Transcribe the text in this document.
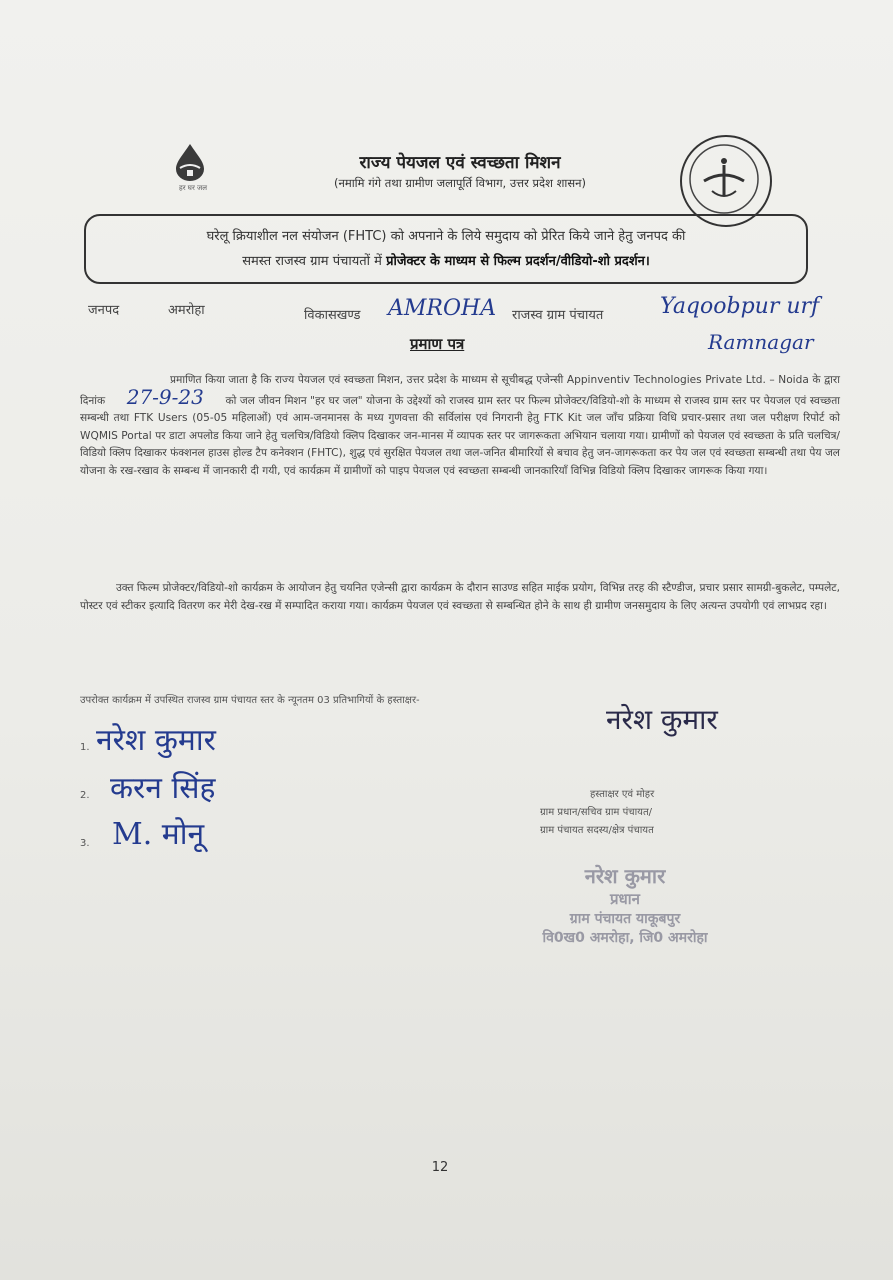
हर घर जल
राज्य पेयजल एवं स्वच्छता मिशन
(नमामि गंगे तथा ग्रामीण जलापूर्ति विभाग, उत्तर प्रदेश शासन)
घरेलू क्रियाशील नल संयोजन (FHTC) को अपनाने के लिये समुदाय को प्रेरित किये जाने हेतु जनपद की
समस्त राजस्व ग्राम पंचायतों में प्रोजेक्टर के माध्यम से फिल्म प्रदर्शन/वीडियो-शो प्रदर्शन।
जनपद	अमरोहा	विकासखण्ड AMROHA राजस्व ग्राम पंचायत	Yaqoobpur urf
Ramnagar
प्रमाण पत्र
प्रमाणित किया जाता है कि राज्य पेयजल एवं स्वच्छता मिशन, उत्तर प्रदेश के माध्यम से सूचीबद्ध एजेन्सी Appinventiv Technologies Private Ltd. – Noida के द्वारा दिनांक 27-9-23 को जल जीवन मिशन "हर घर जल" योजना के उद्देश्यों को राजस्व ग्राम स्तर पर फिल्म प्रोजेक्टर/विडियो-शो के माध्यम से राजस्व ग्राम स्तर पर पेयजल एवं स्वच्छता सम्बन्धी तथा FTK Users (05-05 महिलाओं) एवं आम-जनमानस के मध्य गुणवत्ता की सर्विलांस एवं निगरानी हेतु FTK Kit जल जाँच प्रक्रिया विधि प्रचार-प्रसार तथा जल परीक्षण रिपोर्ट को WQMIS Portal पर डाटा अपलोड किया जाने हेतु चलचित्र/विडियो क्लिप दिखाकर जन-मानस में व्यापक स्तर पर जागरूकता अभियान चलाया गया। ग्रामीणों को पेयजल एवं स्वच्छता के प्रति चलचित्र/विडियो क्लिप दिखाकर फंक्शनल हाउस होल्ड टैप कनेक्शन (FHTC), शुद्ध एवं सुरक्षित पेयजल तथा जल-जनित बीमारियों से बचाव हेतु जन-जागरूकता कर पेय जल एवं स्वच्छता सम्बन्धी तथा पेय जल योजना के रख-रखाव के सम्बन्ध में जानकारी दी गयी, एवं कार्यक्रम में ग्रामीणों को पाइप पेयजल एवं स्वच्छता सम्बन्धी जानकारियाँ विभिन्न विडियो क्लिप दिखाकर जागरूक किया गया।
उक्त फिल्म प्रोजेक्टर/विडियो-शो कार्यक्रम के आयोजन हेतु चयनित एजेन्सी द्वारा कार्यक्रम के दौरान साउण्ड सहित माईक प्रयोग, विभिन्न तरह की स्टैण्डीज, प्रचार प्रसार सामग्री-बुकलेट, पम्पलेट, पोस्टर एवं स्टीकर इत्यादि वितरण कर मेरी देख-रख में सम्पादित कराया गया। कार्यक्रम पेयजल एवं स्वच्छता से सम्बन्धित होने के साथ ही ग्रामीण जनसमुदाय के लिए अत्यन्त उपयोगी एवं लाभप्रद रहा।
उपरोक्त कार्यक्रम में उपस्थित राजस्व ग्राम पंचायत स्तर के न्यूनतम 03 प्रतिभागियों के हस्ताक्षर-
1. नरेश कुमार
2. करन सिंह
3. M. मोनू
नरेश कुमार
हस्ताक्षर एवं मोहर
ग्राम प्रधान/सचिव ग्राम पंचायत/
ग्राम पंचायत सदस्य/क्षेत्र पंचायत
नरेश कुमार
प्रधान
ग्राम पंचायत याकूबपुर
वि0ख0 अमरोहा, जि0 अमरोहा
12
